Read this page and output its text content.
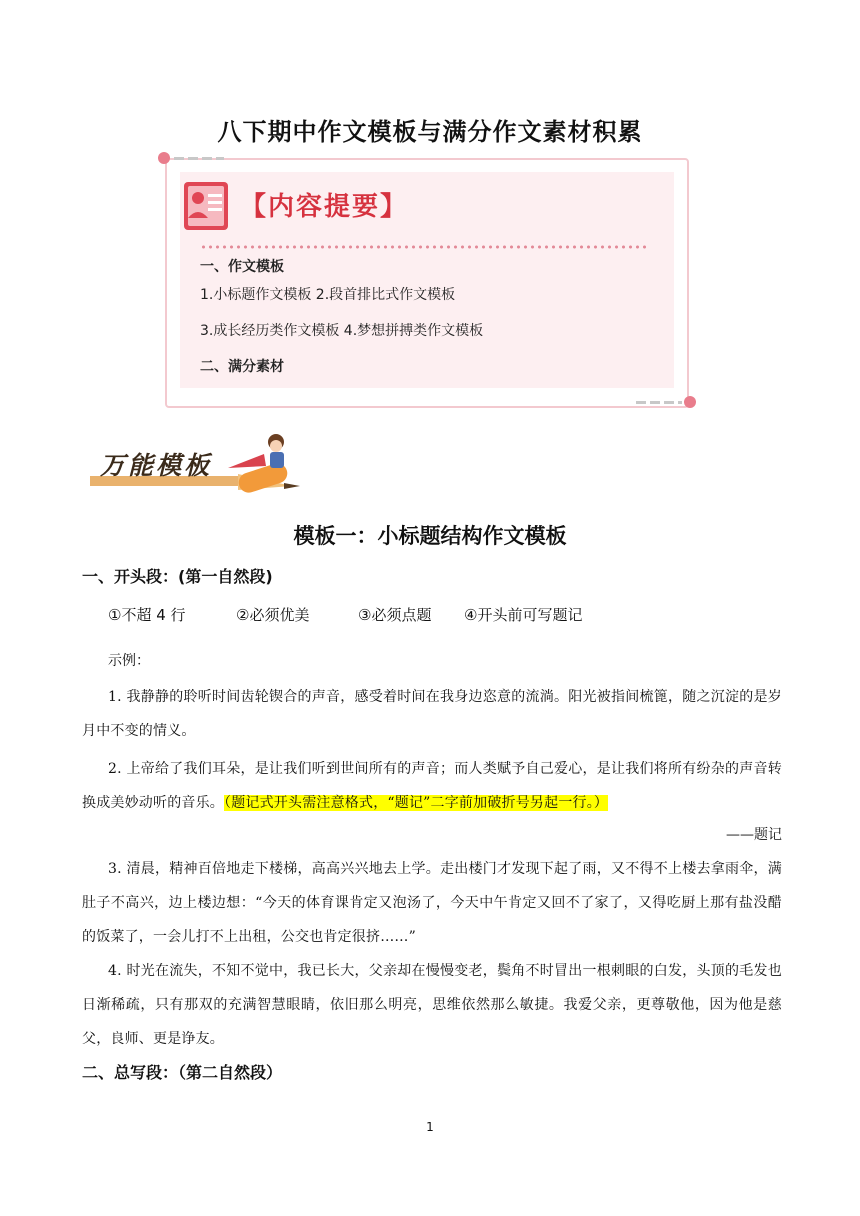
八下期中作文模板与满分作文素材积累
【内容提要】
一、作文模板
1.小标题作文模板 2.段首排比式作文模板
3.成长经历类作文模板 4.梦想拼搏类作文模板
二、满分素材
万能模板
模板一：小标题结构作文模板
一、开头段：(第一自然段)
①不超 4 行	②必须优美	③必须点题 ④开头前可写题记
示例：
1. 我静静的聆听时间齿轮锲合的声音，感受着时间在我身边恣意的流淌。阳光被指间梳篦，随之沉淀的是岁月中不变的情义。
2. 上帝给了我们耳朵，是让我们听到世间所有的声音；而人类赋予自己爱心，是让我们将所有纷杂的声音转换成美妙动听的音乐。（题记式开头需注意格式，“题记”二字前加破折号另起一行。）
——题记
3. 清晨，精神百倍地走下楼梯，高高兴兴地去上学。走出楼门才发现下起了雨，又不得不上楼去拿雨伞，满肚子不高兴，边上楼边想：“今天的体育课肯定又泡汤了，今天中午肯定又回不了家了，又得吃厨上那有盐没醋的饭菜了，一会儿打不上出租，公交也肯定很挤……”
4. 时光在流失，不知不觉中，我已长大，父亲却在慢慢变老，鬓角不时冒出一根刺眼的白发，头顶的毛发也日渐稀疏，只有那双的充满智慧眼睛，依旧那么明亮，思维依然那么敏捷。我爱父亲，更尊敬他，因为他是慈父，良师、更是诤友。
二、总写段：（第二自然段）
1
